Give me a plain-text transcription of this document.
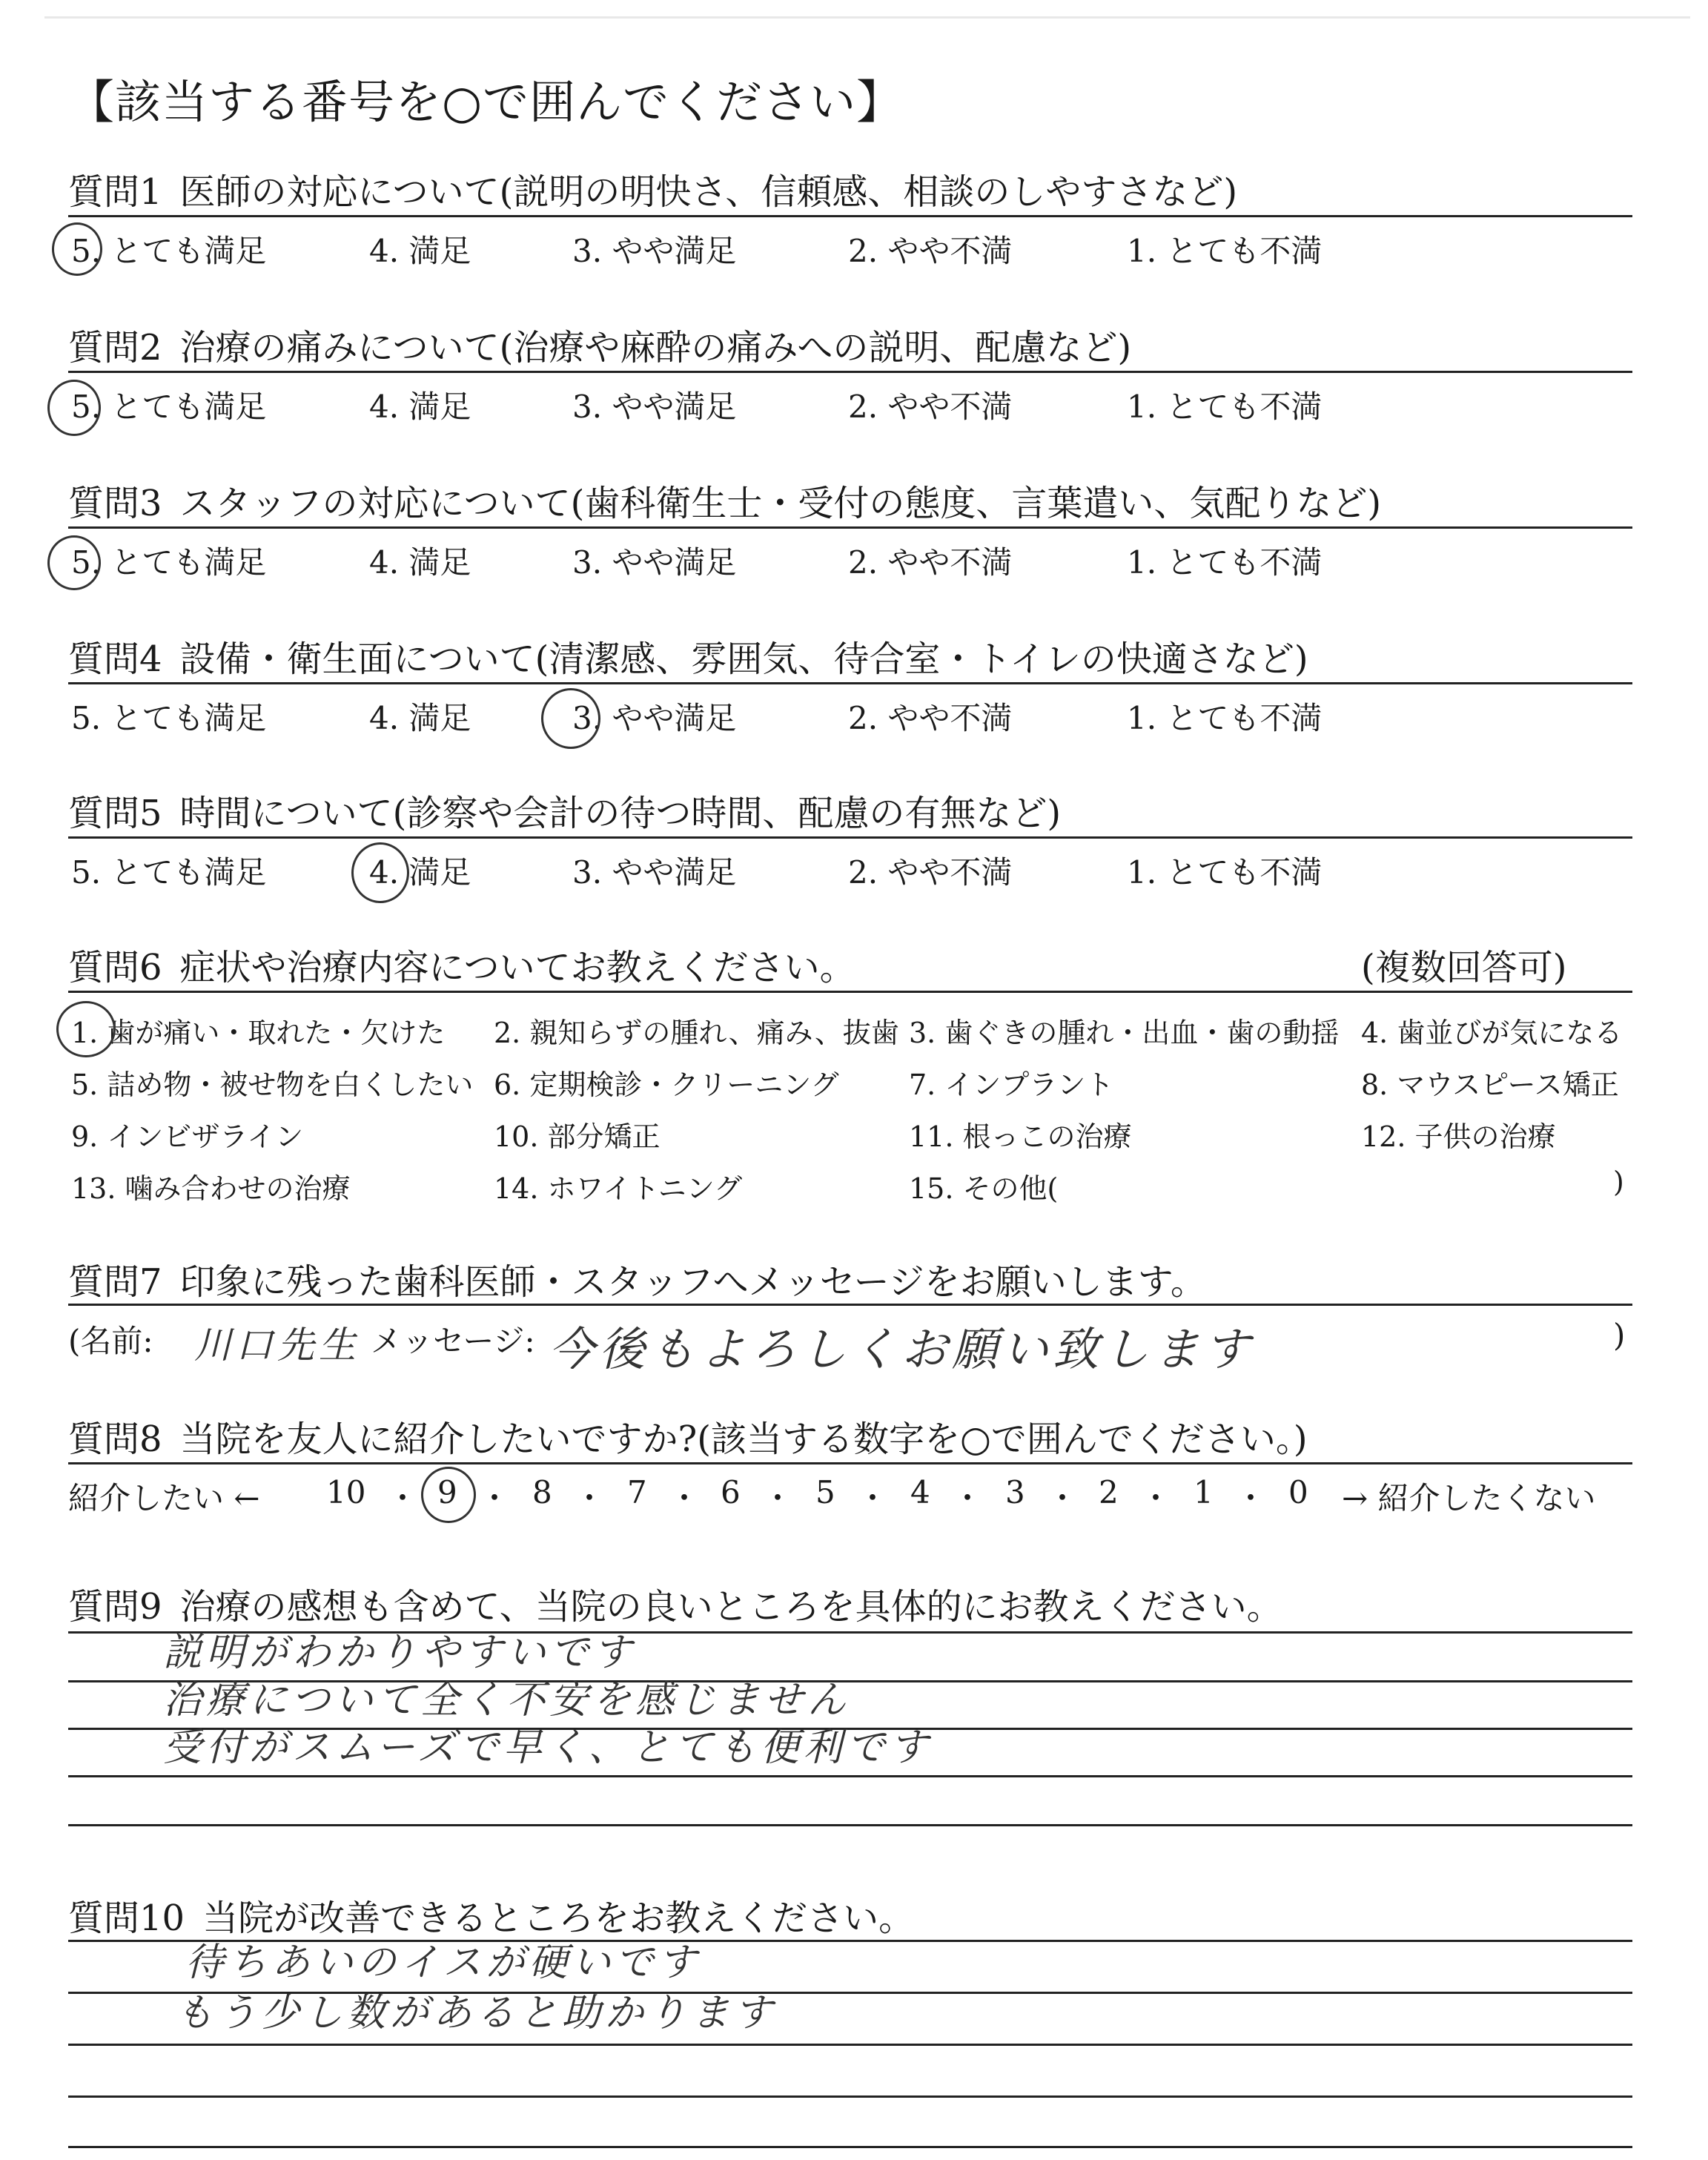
【該当する番号を○で囲んでください】
質問1 医師の対応について(説明の明快さ、信頼感、相談のしやすさなど)
5. とても満足	4. 満足	3. やや満足	2. やや不満	1. とても不満
質問2 治療の痛みについて(治療や麻酔の痛みへの説明、配慮など)
5. とても満足	4. 満足	3. やや満足	2. やや不満	1. とても不満
質問3 スタッフの対応について(歯科衛生士・受付の態度、言葉遣い、気配りなど)
5. とても満足	4. 満足	3. やや満足	2. やや不満	1. とても不満
質問4 設備・衛生面について(清潔感、雰囲気、待合室・トイレの快適さなど)
5. とても満足	4. 満足	3. やや満足	2. やや不満	1. とても不満
質問5 時間について(診察や会計の待つ時間、配慮の有無など)
5. とても満足	4. 満足	3. やや満足	2. やや不満	1. とても不満
質問6 症状や治療内容についてお教えください。	(複数回答可)
1. 歯が痛い・取れた・欠けた 2. 親知らずの腫れ、痛み、抜歯 3. 歯ぐきの腫れ・出血・歯の動揺 4. 歯並びが気になる
5. 詰め物・被せ物を白くしたい 6. 定期検診・クリーニング 7. インプラント	8. マウスピース矯正
9. インビザライン	10. 部分矯正	11. 根っこの治療	12. 子供の治療
13. 噛み合わせの治療	14. ホワイトニング	15. その他(	)
質問7 印象に残った歯科医師・スタッフへメッセージをお願いします。
(名前: 川口先生 メッセージ: 今後もよろしくお願い致します	)
質問8 当院を友人に紹介したいですか?(該当する数字を○で囲んでください。)
紹介したい ← 10 ・ 9 ・ 8 ・ 7 ・ 6 ・ 5 ・ 4 ・ 3 ・ 2 ・ 1 ・ 0 → 紹介したくない
質問9 治療の感想も含めて、当院の良いところを具体的にお教えください。
説明がわかりやすいです
治療について全く不安を感じません
受付がスムーズで早く、とても便利です
質問10 当院が改善できるところをお教えください。
待ちあいのイスが硬いです
もう少し数があると助かります
